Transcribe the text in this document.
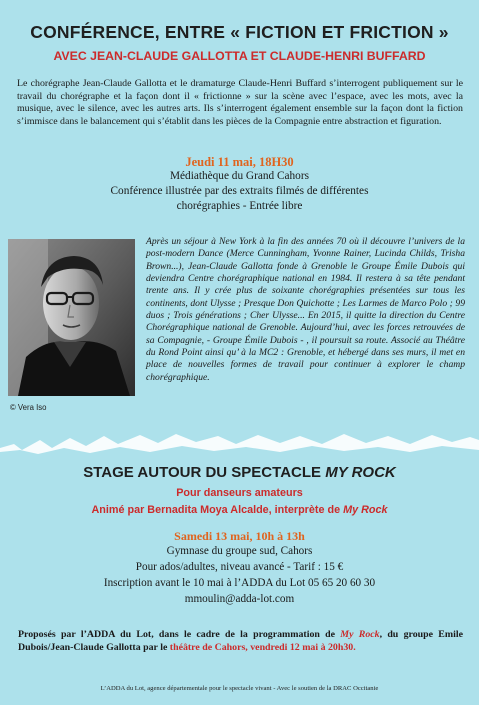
CONFÉRENCE, ENTRE « FICTION ET FRICTION »
AVEC JEAN-CLAUDE GALLOTTA ET CLAUDE-HENRI BUFFARD
Le chorégraphe Jean-Claude Gallotta et le dramaturge Claude-Henri Buffard s’interrogent publiquement sur le travail du chorégraphe et la façon dont il « frictionne » sur la scène avec l’espace, avec les mots, avec la musique, avec le silence, avec les autres arts. Ils s’interrogent également ensemble sur la façon dont la fiction s’immisce dans le balancement qui s’établit dans les pièces de la Compagnie entre abstraction et figuration.
Jeudi 11 mai, 18H30
Médiathèque du Grand Cahors
Conférence illustrée par des extraits filmés de différentes
chorégraphies - Entrée libre
© Vera Iso
Après un séjour à New York à la fin des années 70 où il découvre l’univers de la post-modern Dance (Merce Cunningham, Yvonne Rainer, Lucinda Childs, Trisha Brown...), Jean-Claude Gallotta fonde à Grenoble le Groupe Émile Dubois qui deviendra Centre chorégraphique national en 1984. Il restera à sa tête pendant trente ans. Il y crée plus de soixante chorégraphies présentées sur tous les continents, dont Ulysse ; Presque Don Quichotte ; Les Larmes de Marco Polo ; 99 duos ; Trois générations ; Cher Ulysse... En 2015, il quitte la direction du Centre Chorégraphique national de Grenoble. Aujourd’hui, avec les forces retrouvées de sa Compagnie, - Groupe Émile Dubois - , il poursuit sa route. Associé au Théâtre du Rond Point ainsi qu’ à la MC2 : Grenoble, et hébergé dans ses murs, il met en place de nouvelles formes de travail pour continuer à explorer le champ chorégraphique.
STAGE AUTOUR DU SPECTACLE MY ROCK
Pour danseurs amateurs
Animé par Bernadita Moya Alcalde, interprète de My Rock
Samedi 13 mai, 10h à 13h
Gymnase du groupe sud, Cahors
Pour ados/adultes, niveau avancé - Tarif : 15 €
Inscription avant le 10 mai à l’ADDA du Lot 05 65 20 60 30
mmoulin@adda-lot.com
Proposés par l’ADDA du Lot, dans le cadre de la programmation de My Rock, du groupe Emile Dubois/Jean-Claude Gallotta par le théâtre de Cahors, vendredi 12 mai à 20h30.
L’ADDA du Lot, agence départementale pour le spectacle vivant - Avec le soutien de la DRAC Occitanie
